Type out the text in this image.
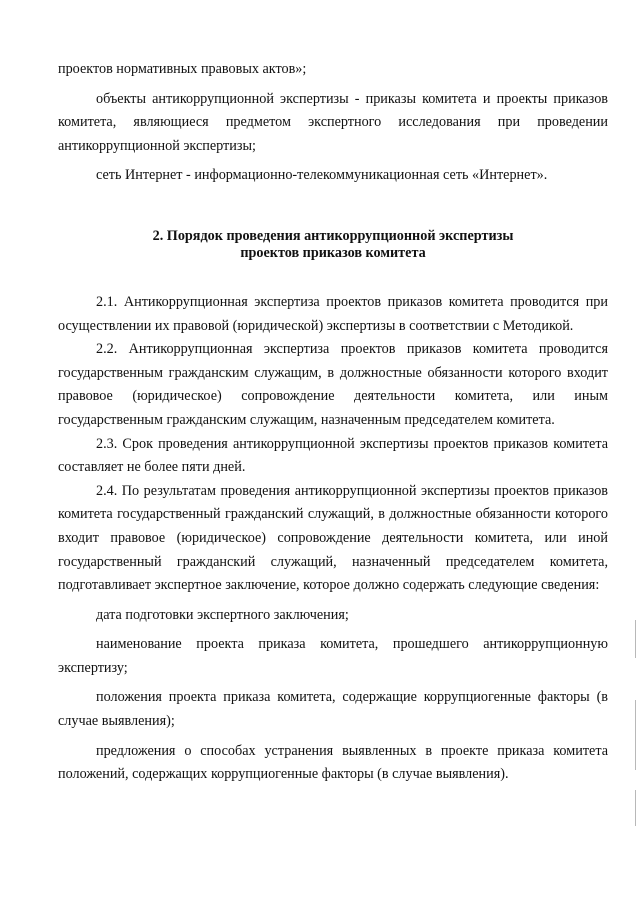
проектов нормативных правовых актов»;

объекты антикоррупционной экспертизы - приказы комитета и проекты приказов комитета, являющиеся предметом экспертного исследования при проведении антикоррупционной экспертизы;

сеть Интернет - информационно-телекоммуникационная сеть «Интернет».

2. Порядок проведения антикоррупционной экспертизы
проектов приказов комитета

2.1. Антикоррупционная экспертиза проектов приказов комитета проводится при осуществлении их правовой (юридической) экспертизы в соответствии с Методикой.

2.2. Антикоррупционная экспертиза проектов приказов комитета проводится государственным гражданским служащим, в должностные обязанности которого входит правовое (юридическое) сопровождение деятельности комитета, или иным государственным гражданским служащим, назначенным председателем комитета.

2.3. Срок проведения антикоррупционной экспертизы проектов приказов комитета составляет не более пяти дней.

2.4. По результатам проведения антикоррупционной экспертизы проектов приказов комитета государственный гражданский служащий, в должностные обязанности которого входит правовое (юридическое) сопровождение деятельности комитета, или иной государственный гражданский служащий, назначенный председателем комитета, подготавливает экспертное заключение, которое должно содержать следующие сведения:

дата подготовки экспертного заключения;

наименование проекта приказа комитета, прошедшего антикоррупционную экспертизу;

положения проекта приказа комитета, содержащие коррупциогенные факторы (в случае выявления);

предложения о способах устранения выявленных в проекте приказа комитета положений, содержащих коррупциогенные факторы (в случае выявления).
